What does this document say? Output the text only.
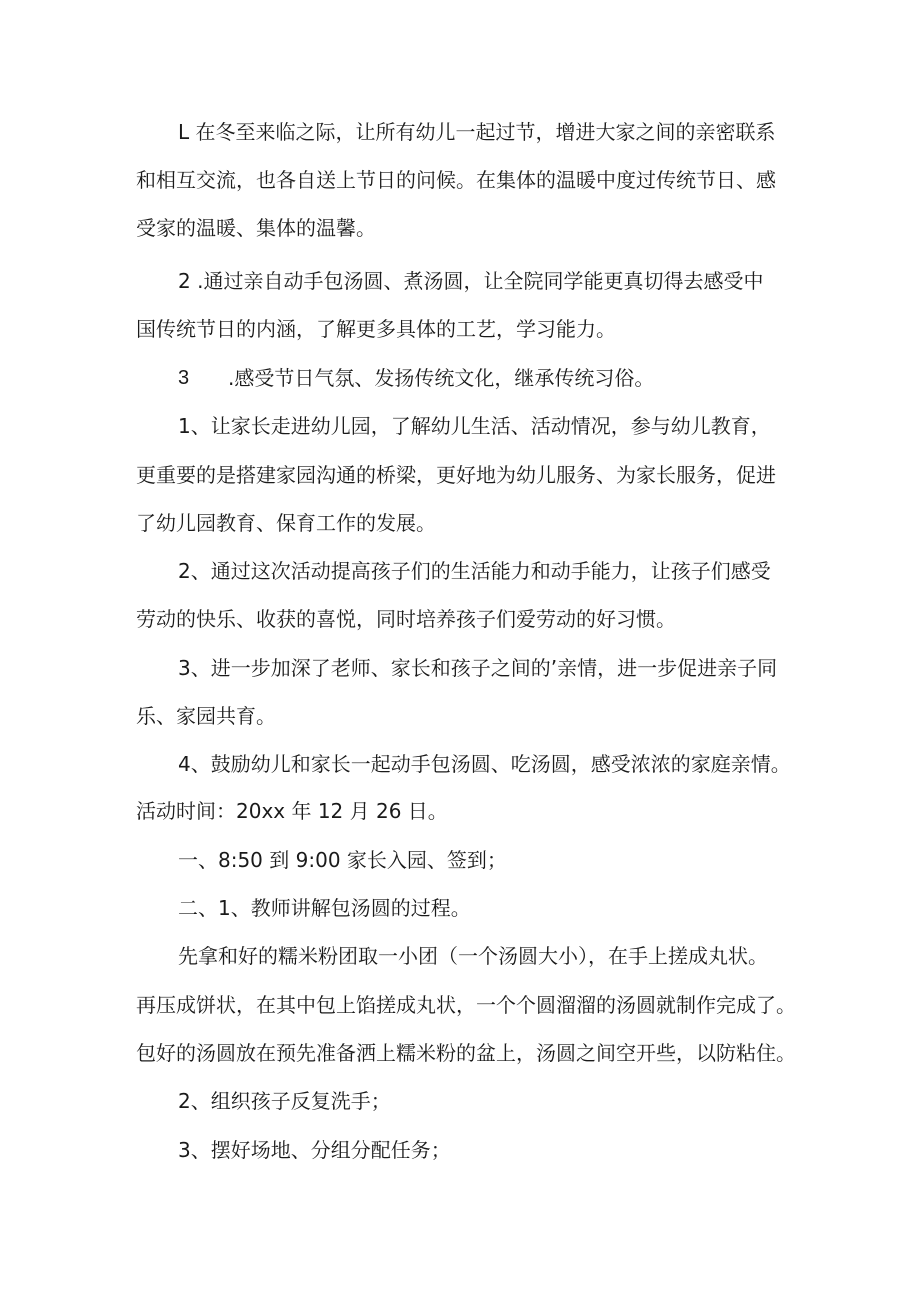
L 在冬至来临之际，让所有幼儿一起过节，增进大家之间的亲密联系

和相互交流，也各自送上节日的问候。在集体的温暖中度过传统节日、感

受家的温暖、集体的温馨。

2 .通过亲自动手包汤圆、煮汤圆，让全院同学能更真切得去感受中

国传统节日的内涵，了解更多具体的工艺，学习能力。

3 .感受节日气氛、发扬传统文化，继承传统习俗。

1、让家长走进幼儿园，了解幼儿生活、活动情况，参与幼儿教育，

更重要的是搭建家园沟通的桥梁，更好地为幼儿服务、为家长服务，促进

了幼儿园教育、保育工作的发展。

2、通过这次活动提高孩子们的生活能力和动手能力，让孩子们感受

劳动的快乐、收获的喜悦，同时培养孩子们爱劳动的好习惯。

3、进一步加深了老师、家长和孩子之间的’亲情，进一步促进亲子同

乐、家园共育。

4、鼓励幼儿和家长一起动手包汤圆、吃汤圆，感受浓浓的家庭亲情。

活动时间：20xx 年 12 月 26 日。

一、8:50 到 9:00 家长入园、签到；

二、1、教师讲解包汤圆的过程。

先拿和好的糯米粉团取一小团（一个汤圆大小），在手上搓成丸状。

再压成饼状，在其中包上馅搓成丸状，一个个圆溜溜的汤圆就制作完成了。

包好的汤圆放在预先准备洒上糯米粉的盆上，汤圆之间空开些，以防粘住。

2、组织孩子反复洗手；

3、摆好场地、分组分配任务；
